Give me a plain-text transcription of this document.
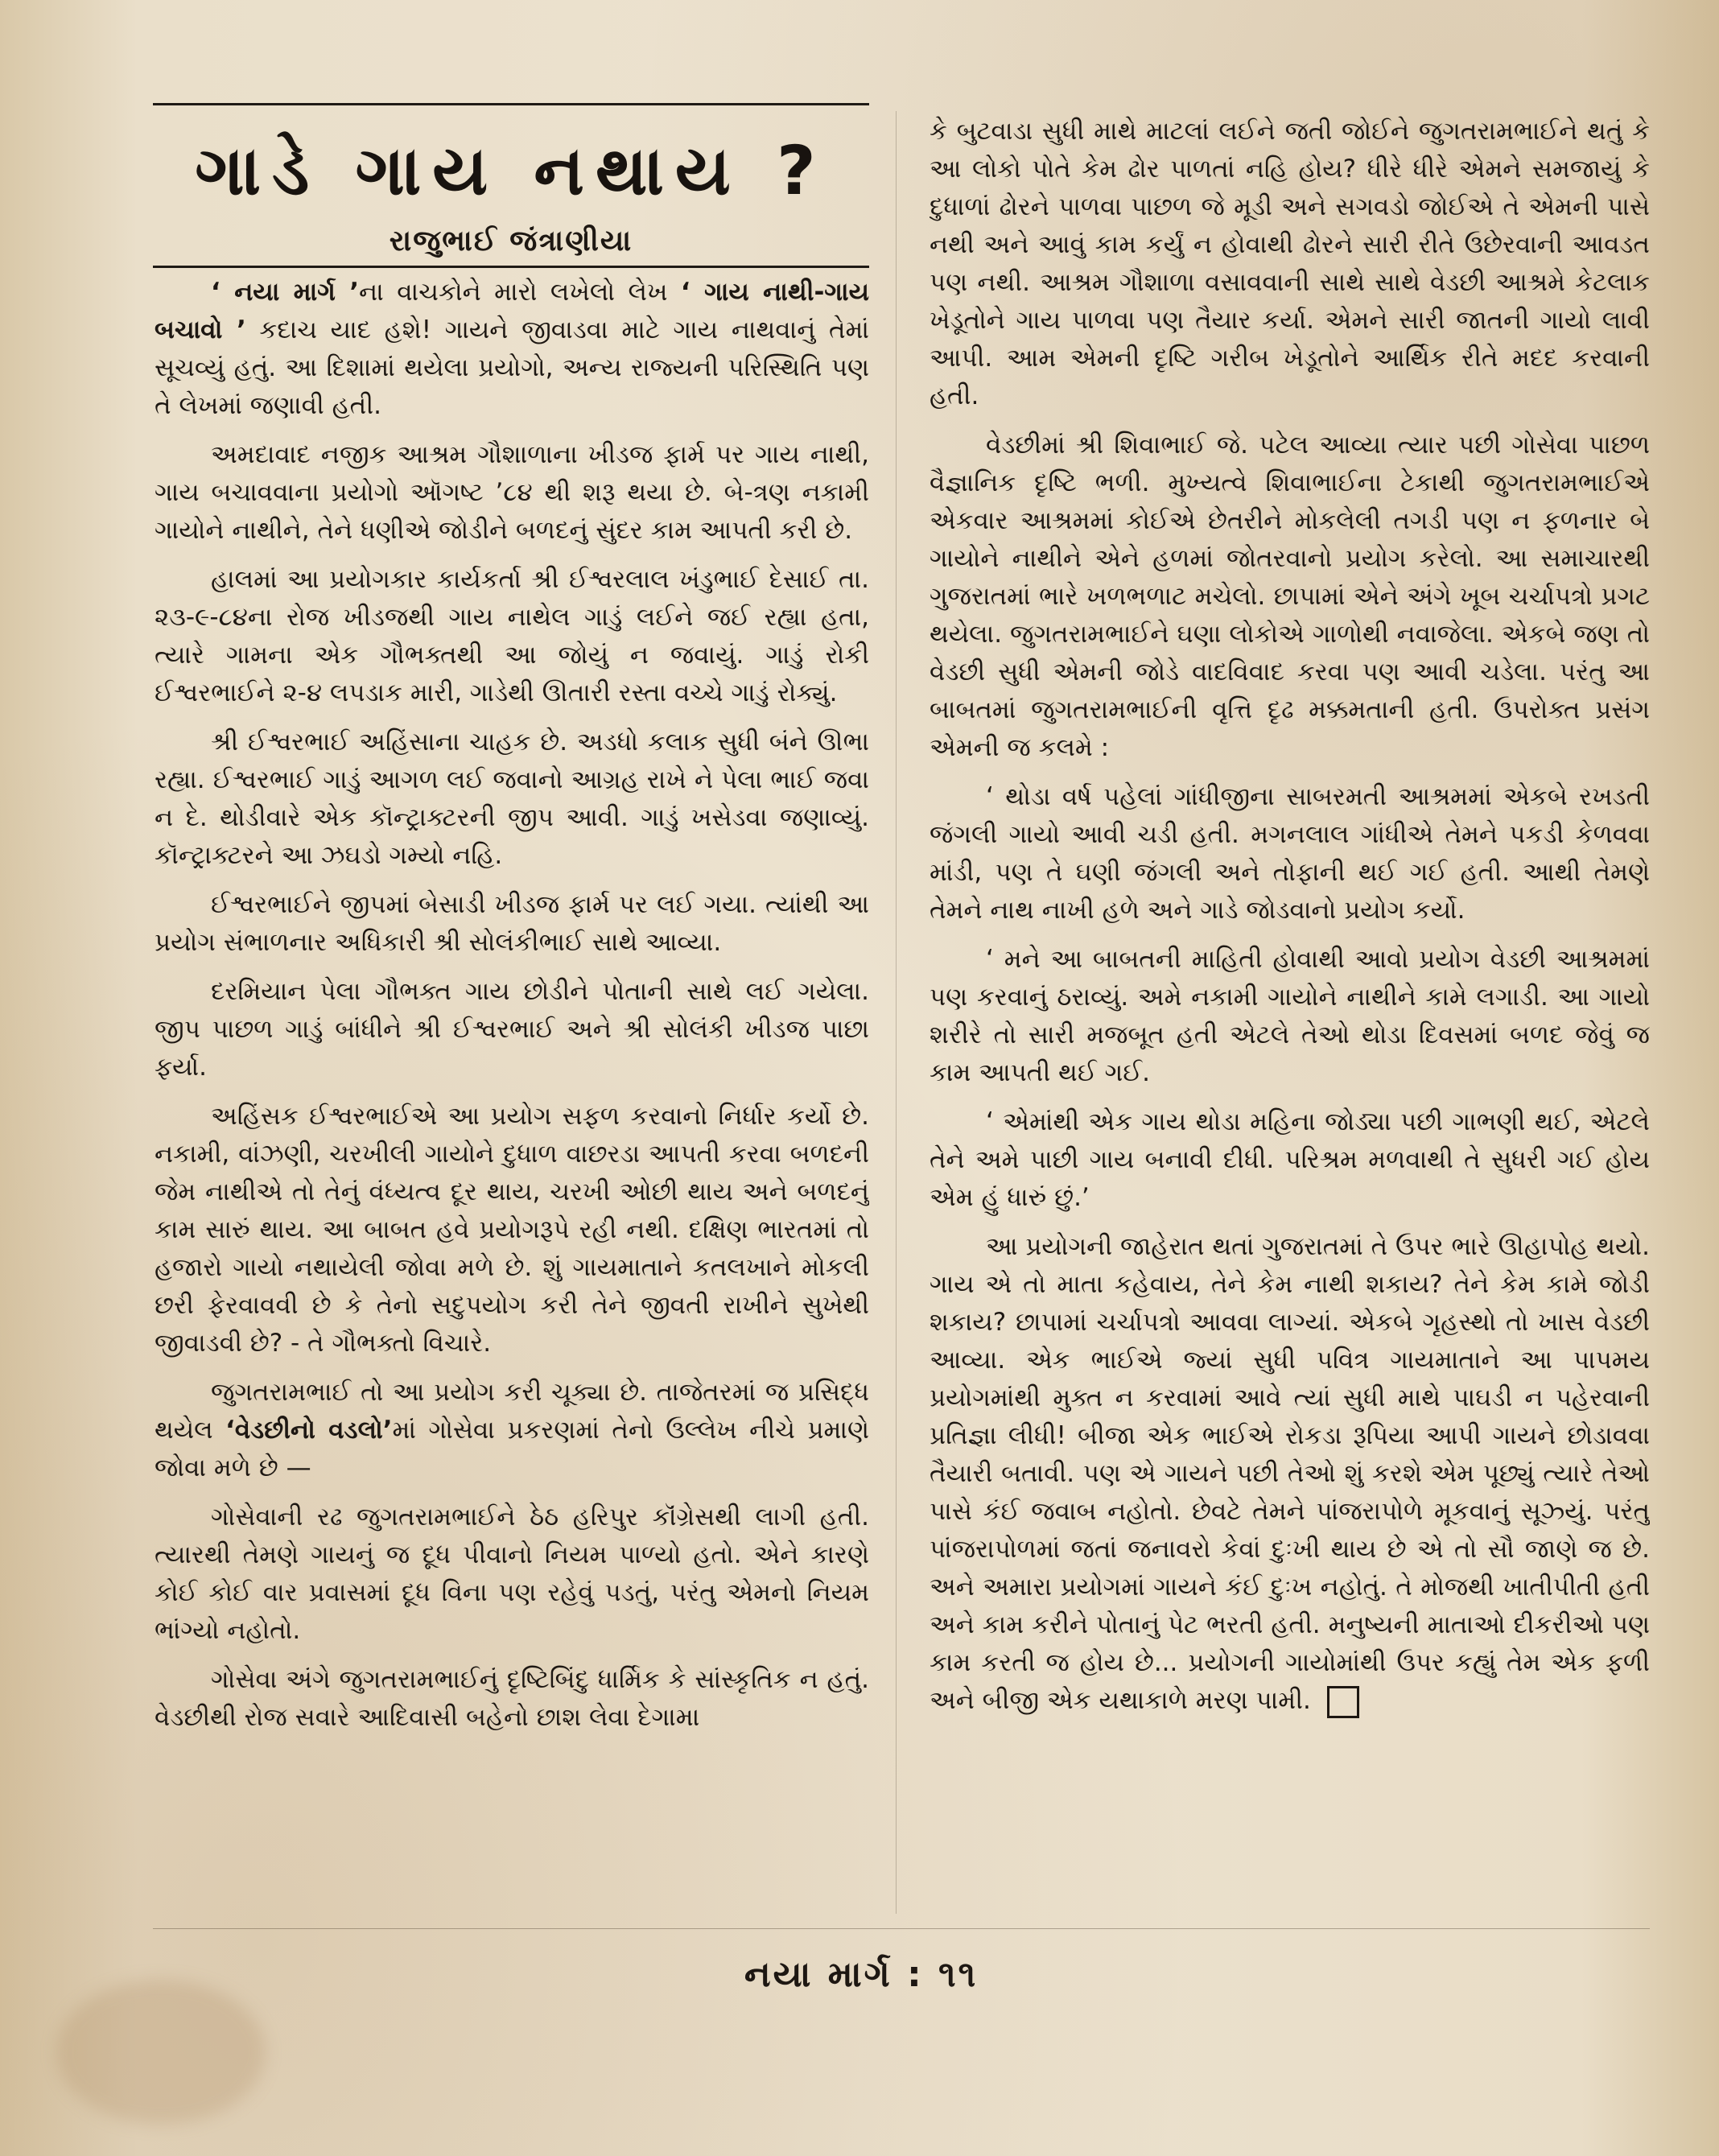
ગાડે ગાય નથાય ?
રાજુભાઈ જંત્રાણીયા

‘ નયા માર્ગ ’ના વાચકોને મારો લખેલો લેખ ‘ ગાય નાથી-ગાય બચાવો ’ કદાચ યાદ હશે! ગાયને જીવાડવા માટે ગાય નાથવાનું તેમાં સૂચવ્યું હતું. આ દિશામાં થયેલા પ્રયોગો, અન્ય રાજ્યની પરિસ્થિતિ પણ તે લેખમાં જણાવી હતી.

અમદાવાદ નજીક આશ્રમ ગૌશાળાના ખીડજ ફાર્મ પર ગાય નાથી, ગાય બચાવવાના પ્રયોગો ઑગષ્ટ ’૮૪ થી શરૂ થયા છે. બે-ત્રણ નકામી ગાયોને નાથીને, તેને ધણીએ જોડીને બળદનું સુંદર કામ આપતી કરી છે.

હાલમાં આ પ્રયોગકાર કાર્યકર્તા શ્રી ઈશ્વરલાલ ખંડુભાઈ દેસાઈ તા. ૨૩-૯-૮૪ના રોજ ખીડજથી ગાય નાથેલ ગાડું લઈને જઈ રહ્યા હતા, ત્યારે ગામના એક ગૌભક્તથી આ જોયું ન જવાયું. ગાડું રોકી ઈશ્વરભાઈને ૨-૪ લપડાક મારી, ગાડેથી ઊતારી રસ્તા વચ્ચે ગાડું રોક્યું.

શ્રી ઈશ્વરભાઈ અહિંસાના ચાહક છે. અડધો કલાક સુધી બંને ઊભા રહ્યા. ઈશ્વરભાઈ ગાડું આગળ લઈ જવાનો આગ્રહ રાખે ને પેલા ભાઈ જવા ન દે. થોડીવારે એક કૉન્ટ્રાક્ટરની જીપ આવી. ગાડું ખસેડવા જણાવ્યું. કૉન્ટ્રાક્ટરને આ ઝઘડો ગમ્યો નહિ.

ઈશ્વરભાઈને જીપમાં બેસાડી ખીડજ ફાર્મ પર લઈ ગયા. ત્યાંથી આ પ્રયોગ સંભાળનાર અધિકારી શ્રી સોલંકીભાઈ સાથે આવ્યા.

દરમિયાન પેલા ગૌભક્ત ગાય છોડીને પોતાની સાથે લઈ ગયેલા. જીપ પાછળ ગાડું બાંધીને શ્રી ઈશ્વરભાઈ અને શ્રી સોલંકી ખીડજ પાછા ફર્યા.

અહિંસક ઈશ્વરભાઈએ આ પ્રયોગ સફળ કરવાનો નિર્ધાર કર્યો છે. નકામી, વાંઝણી, ચરખીલી ગાયોને દુધાળ વાછરડા આપતી કરવા બળદની જેમ નાથીએ તો તેનું વંધ્યત્વ દૂર થાય, ચરખી ઓછી થાય અને બળદનું કામ સારું થાય. આ બાબત હવે પ્રયોગરૂપે રહી નથી. દક્ષિણ ભારતમાં તો હજારો ગાયો નથાયેલી જોવા મળે છે. શું ગાયમાતાને કતલખાને મોકલી છરી ફેરવાવવી છે કે તેનો સદુપયોગ કરી તેને જીવતી રાખીને સુખેથી જીવાડવી છે? - તે ગૌભક્તો વિચારે.

જુગતરામભાઈ તો આ પ્રયોગ કરી ચૂક્યા છે. તાજેતરમાં જ પ્રસિદ્ધ થયેલ ‘વેડછીનો વડલો’માં ગોસેવા પ્રકરણમાં તેનો ઉલ્લેખ નીચે પ્રમાણે જોવા મળે છે —

ગોસેવાની રઢ જુગતરામભાઈને ઠેઠ હરિપુર કૉંગ્રેસથી લાગી હતી. ત્યારથી તેમણે ગાયનું જ દૂધ પીવાનો નિયમ પાળ્યો હતો. એને કારણે કોઈ કોઈ વાર પ્રવાસમાં દૂધ વિના પણ રહેવું પડતું, પરંતુ એમનો નિયમ ભાંગ્યો નહોતો.

ગોસેવા અંગે જુગતરામભાઈનું દૃષ્ટિબિંદુ ધાર્મિક કે સાંસ્કૃતિક ન હતું. વેડછીથી રોજ સવારે આદિવાસી બહેનો છાશ લેવા દેગામા

કે બુટવાડા સુધી માથે માટલાં લઈને જતી જોઈને જુગતરામભાઈને થતું કે આ લોકો પોતે કેમ ઢોર પાળતાં નહિ હોય? ધીરે ધીરે એમને સમજાયું કે દુધાળાં ઢોરને પાળવા પાછળ જે મૂડી અને સગવડો જોઈએ તે એમની પાસે નથી અને આવું કામ કર્યું ન હોવાથી ઢોરને સારી રીતે ઉછેરવાની આવડત પણ નથી. આશ્રમ ગૌશાળા વસાવવાની સાથે સાથે વેડછી આશ્રમે કેટલાક ખેડૂતોને ગાય પાળવા પણ તૈયાર કર્યા. એમને સારી જાતની ગાયો લાવી આપી. આમ એમની દૃષ્ટિ ગરીબ ખેડૂતોને આર્થિક રીતે મદદ કરવાની હતી.

વેડછીમાં શ્રી શિવાભાઈ જે. પટેલ આવ્યા ત્યાર પછી ગોસેવા પાછળ વૈજ્ઞાનિક દૃષ્ટિ ભળી. મુખ્યત્વે શિવાભાઈના ટેકાથી જુગતરામભાઈએ એકવાર આશ્રમમાં કોઈએ છેતરીને મોકલેલી તગડી પણ ન ફળનાર બે ગાયોને નાથીને એને હળમાં જોતરવાનો પ્રયોગ કરેલો. આ સમાચારથી ગુજરાતમાં ભારે ખળભળાટ મચેલો. છાપામાં એને અંગે ખૂબ ચર્ચાપત્રો પ્રગટ થયેલા. જુગતરામભાઈને ઘણા લોકોએ ગાળોથી નવાજેલા. એકબે જણ તો વેડછી સુધી એમની જોડે વાદવિવાદ કરવા પણ આવી ચડેલા. પરંતુ આ બાબતમાં જુગતરામભાઈની વૃત્તિ દૃઢ મક્કમતાની હતી. ઉપરોક્ત પ્રસંગ એમની જ કલમે :

‘ થોડા વર્ષ પહેલાં ગાંધીજીના સાબરમતી આશ્રમમાં એકબે રખડતી જંગલી ગાયો આવી ચડી હતી. મગનલાલ ગાંધીએ તેમને પકડી કેળવવા માંડી, પણ તે ઘણી જંગલી અને તોફાની થઈ ગઈ હતી. આથી તેમણે તેમને નાથ નાખી હળે અને ગાડે જોડવાનો પ્રયોગ કર્યો.

‘ મને આ બાબતની માહિતી હોવાથી આવો પ્રયોગ વેડછી આશ્રમમાં પણ કરવાનું ઠરાવ્યું. અમે નકામી ગાયોને નાથીને કામે લગાડી. આ ગાયો શરીરે તો સારી મજબૂત હતી એટલે તેઓ થોડા દિવસમાં બળદ જેવું જ કામ આપતી થઈ ગઈ.

‘ એમાંથી એક ગાય થોડા મહિના જોડ્યા પછી ગાભણી થઈ, એટલે તેને અમે પાછી ગાય બનાવી દીધી. પરિશ્રમ મળવાથી તે સુધરી ગઈ હોય એમ હું ધારું છું.’

આ પ્રયોગની જાહેરાત થતાં ગુજરાતમાં તે ઉપર ભારે ઊહાપોહ થયો. ગાય એ તો માતા કહેવાય, તેને કેમ નાથી શકાય? તેને કેમ કામે જોડી શકાય? છાપામાં ચર્ચાપત્રો આવવા લાગ્યાં. એકબે ગૃહસ્થો તો ખાસ વેડછી આવ્યા. એક ભાઈએ જ્યાં સુધી પવિત્ર ગાયમાતાને આ પાપમય પ્રયોગમાંથી મુક્ત ન કરવામાં આવે ત્યાં સુધી માથે પાઘડી ન પહેરવાની પ્રતિજ્ઞા લીધી! બીજા એક ભાઈએ રોકડા રૂપિયા આપી ગાયને છોડાવવા તૈયારી બતાવી. પણ એ ગાયને પછી તેઓ શું કરશે એમ પૂછ્યું ત્યારે તેઓ પાસે કંઈ જવાબ નહોતો. છેવટે તેમને પાંજરાપોળે મૂકવાનું સૂઝ્યું. પરંતુ પાંજરાપોળમાં જતાં જનાવરો કેવાં દુઃખી થાય છે એ તો સૌ જાણે જ છે. અને અમારા પ્રયોગમાં ગાયને કંઈ દુઃખ નહોતું. તે મોજથી ખાતીપીતી હતી અને કામ કરીને પોતાનું પેટ ભરતી હતી. મનુષ્યની માતાઓ દીકરીઓ પણ કામ કરતી જ હોય છે... પ્રયોગની ગાયોમાંથી ઉપર કહ્યું તેમ એક ફળી અને બીજી એક યથાકાળે મરણ પામી.

નયા માર્ગ : ૧૧
